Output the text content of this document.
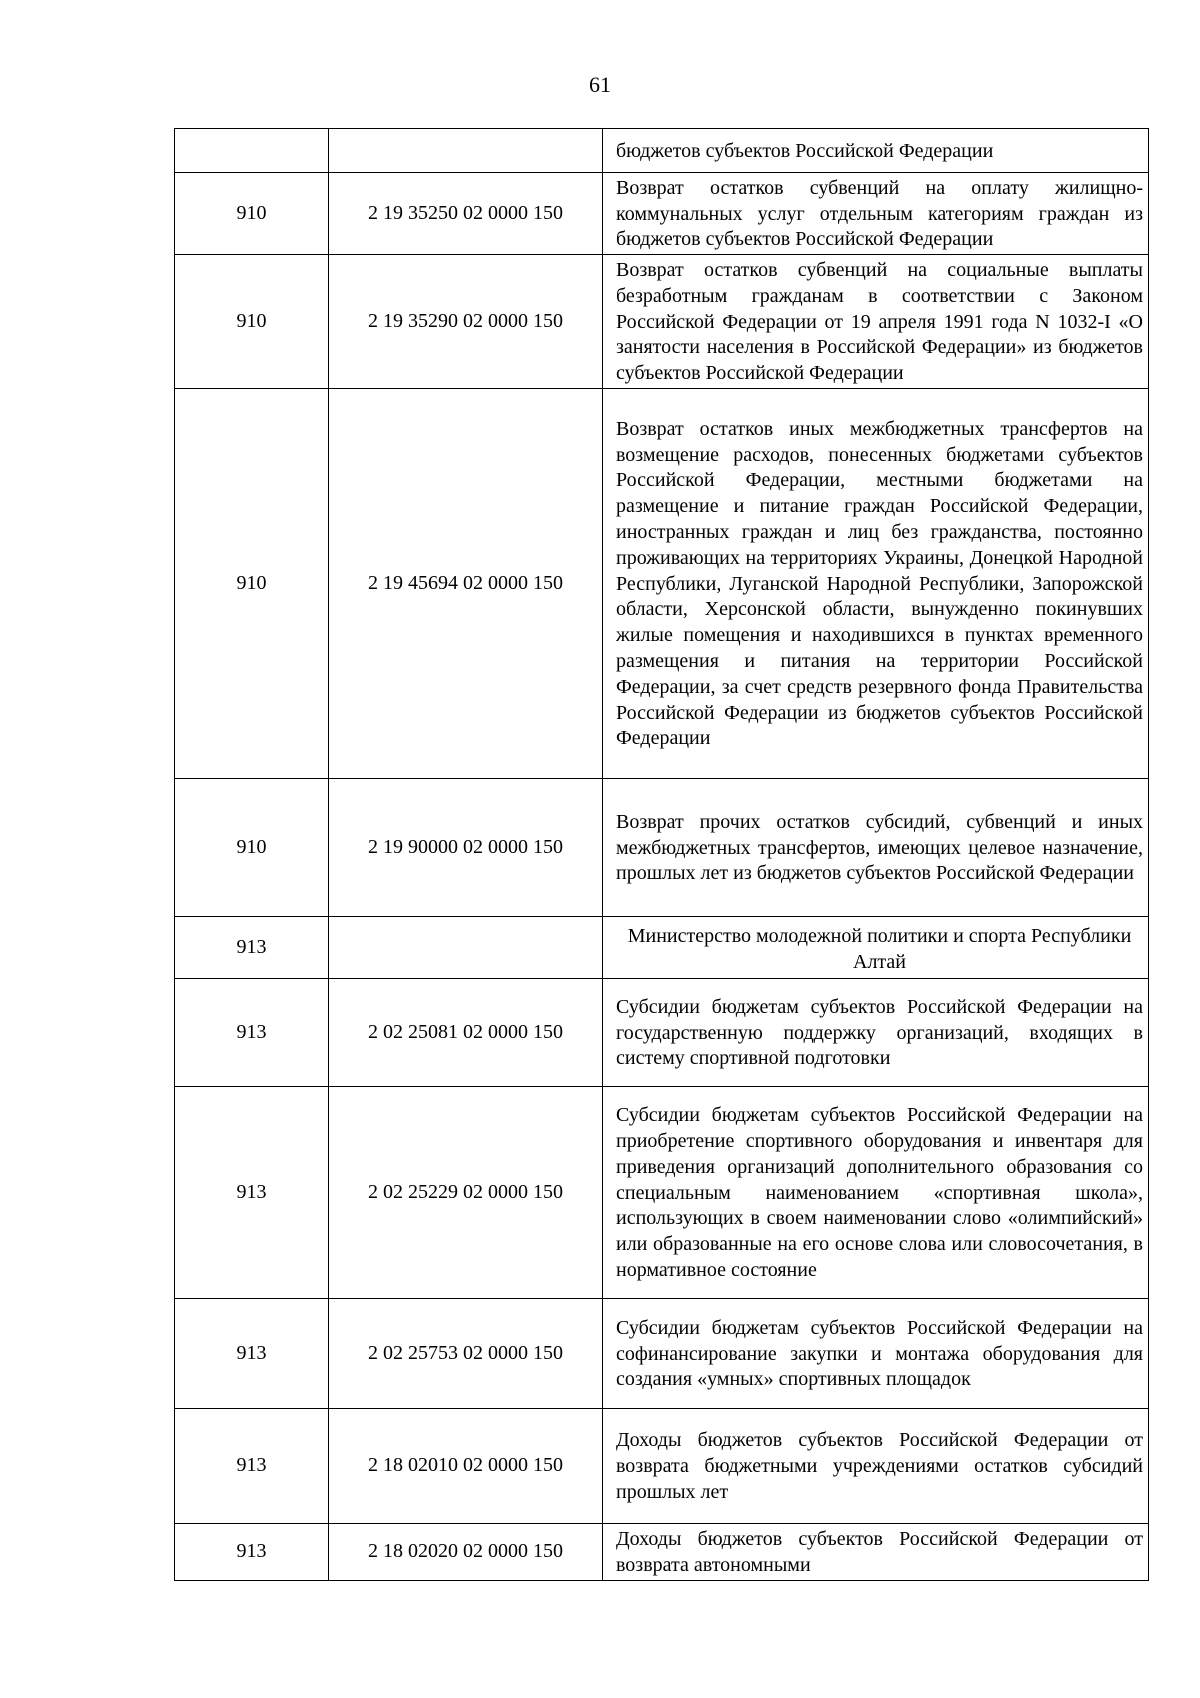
61

		бюджетов субъектов Российской Федерации

910	2 19 35250 02 0000 150	Возврат остатков субвенций на оплату жилищно-коммунальных услуг отдельным категориям граждан из бюджетов субъектов Российской Федерации

910	2 19 35290 02 0000 150	Возврат остатков субвенций на социальные выплаты безработным гражданам в соответствии с Законом Российской Федерации от 19 апреля 1991 года N 1032-I «О занятости населения в Российской Федерации» из бюджетов субъектов Российской Федерации

910	2 19 45694 02 0000 150	Возврат остатков иных межбюджетных трансфертов на возмещение расходов, понесенных бюджетами субъектов Российской Федерации, местными бюджетами на размещение и питание граждан Российской Федерации, иностранных граждан и лиц без гражданства, постоянно проживающих на территориях Украины, Донецкой Народной Республики, Луганской Народной Республики, Запорожской области, Херсонской области, вынужденно покинувших жилые помещения и находившихся в пунктах временного размещения и питания на территории Российской Федерации, за счет средств резервного фонда Правительства Российской Федерации из бюджетов субъектов Российской Федерации

910	2 19 90000 02 0000 150	Возврат прочих остатков субсидий, субвенций и иных межбюджетных трансфертов, имеющих целевое назначение, прошлых лет из бюджетов субъектов Российской Федерации

913		Министерство молодежной политики и спорта Республики Алтай

913	2 02 25081 02 0000 150	Субсидии бюджетам субъектов Российской Федерации на государственную поддержку организаций, входящих в систему спортивной подготовки

913	2 02 25229 02 0000 150	Субсидии бюджетам субъектов Российской Федерации на приобретение спортивного оборудования и инвентаря для приведения организаций дополнительного образования со специальным наименованием «спортивная школа», использующих в своем наименовании слово «олимпийский» или образованные на его основе слова или словосочетания, в нормативное состояние

913	2 02 25753 02 0000 150	Субсидии бюджетам субъектов Российской Федерации на софинансирование закупки и монтажа оборудования для создания «умных» спортивных площадок

913	2 18 02010 02 0000 150	Доходы бюджетов субъектов Российской Федерации от возврата бюджетными учреждениями остатков субсидий прошлых лет

913	2 18 02020 02 0000 150	Доходы бюджетов субъектов Российской Федерации от возврата автономными
